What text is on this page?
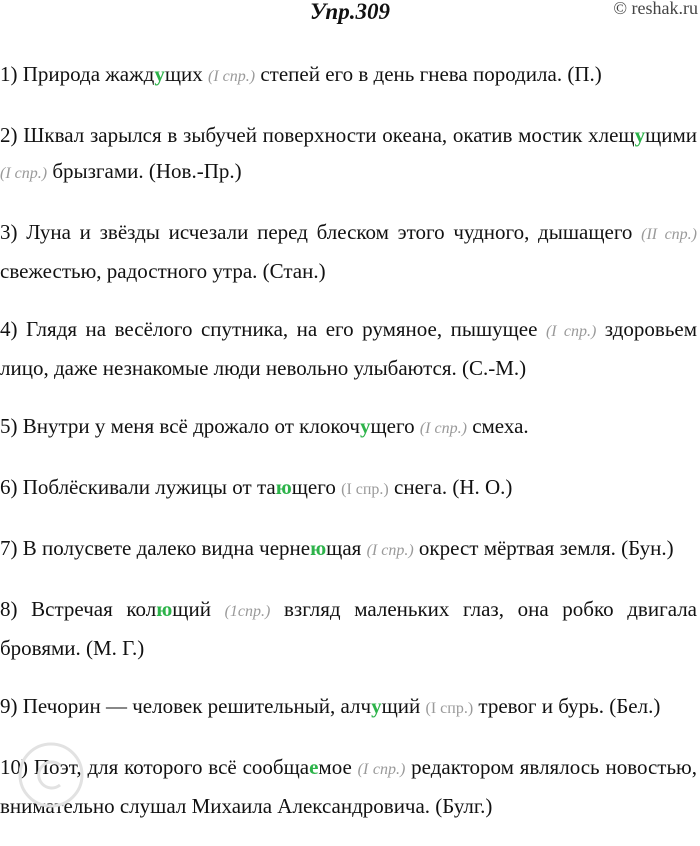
Упр.309	© reshak.ru

1) Природа жаждущих (I спр.) степей его в день гнева породила. (П.)

2) Шквал зарылся в зыбучей поверхности океана, окатив мостик хлещущими (I спр.) брызгами. (Нов.-Пр.)

3) Луна и звёзды исчезали перед блеском этого чудного, дышащего (II спр.) свежестью, радостного утра. (Стан.)

4) Глядя на весёлого спутника, на его румяное, пышущее (I спр.) здоровьем лицо, даже незнакомые люди невольно улыбаются. (С.-М.)

5) Внутри у меня всё дрожало от клокочущего (I спр.) смеха.

6) Поблёскивали лужицы от тающего (I спр.) снега. (Н. О.)

7) В полусвете далеко видна чернеющая (I спр.) окрест мёртвая земля. (Бун.)

8) Встречая колющий (1спр.) взгляд маленьких глаз, она робко двигала бровями. (М. Г.)

9) Печорин — человек решительный, алчущий (I спр.) тревог и бурь. (Бел.)

10) Поэт, для которого всё сообщаемое (I спр.) редактором являлось новостью, внимательно слушал Михаила Александровича. (Булг.)
